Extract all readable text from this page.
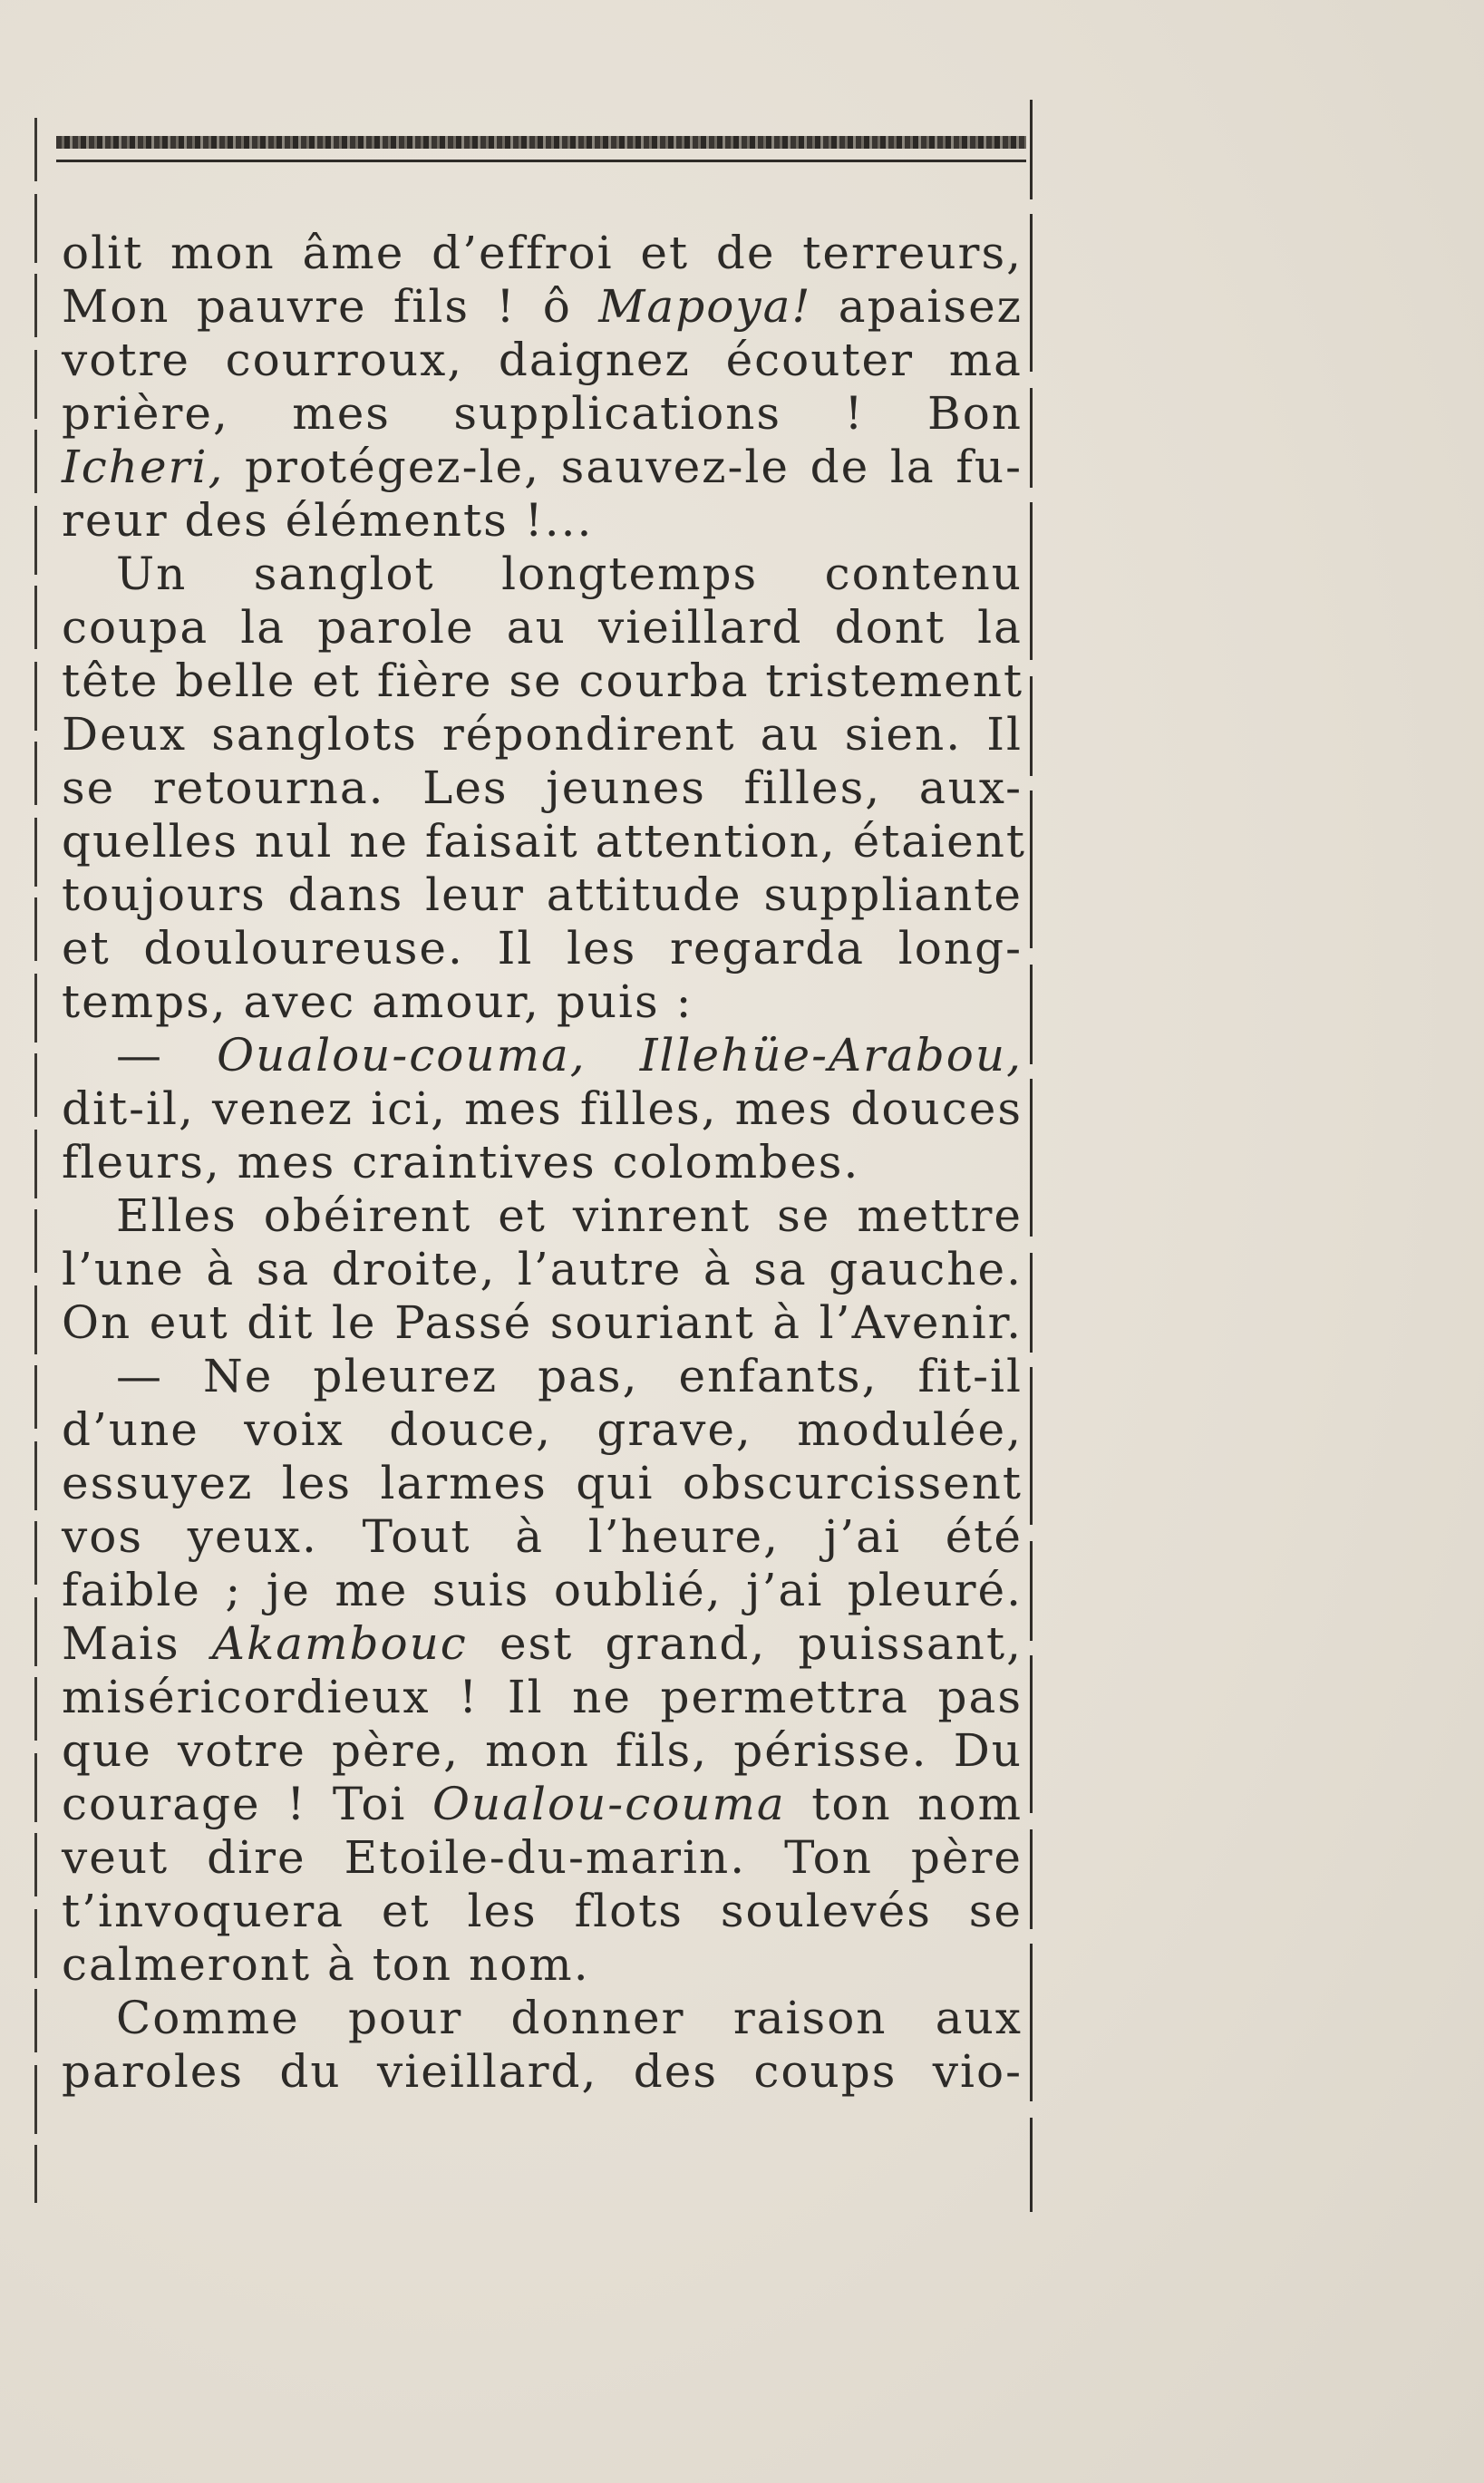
olit mon âme d’effroi et de terreurs,
Mon pauvre fils ! ô Mapoya! apaisez
votre courroux, daignez écouter ma
prière, mes supplications ! Bon
Icheri, protégez-le, sauvez-le de la fu-
reur des éléments !...
Un sanglot longtemps contenu
coupa la parole au vieillard dont la
tête belle et fière se courba tristement
Deux sanglots répondirent au sien. Il
se retourna. Les jeunes filles, aux-
quelles nul ne faisait attention, étaient
toujours dans leur attitude suppliante
et douloureuse. Il les regarda long-
temps, avec amour, puis :
— Oualou-couma, Illehüe-Arabou,
dit-il, venez ici, mes filles, mes douces
fleurs, mes craintives colombes.
Elles obéirent et vinrent se mettre
l’une à sa droite, l’autre à sa gauche.
On eut dit le Passé souriant à l’Avenir.
— Ne pleurez pas, enfants, fit-il
d’une voix douce, grave, modulée,
essuyez les larmes qui obscurcissent
vos yeux. Tout à l’heure, j’ai été
faible ; je me suis oublié, j’ai pleuré.
Mais Akambouc est grand, puissant,
miséricordieux ! Il ne permettra pas
que votre père, mon fils, périsse. Du
courage ! Toi Oualou-couma ton nom
veut dire Etoile-du-marin. Ton père
t’invoquera et les flots soulevés se
calmeront à ton nom.
Comme pour donner raison aux
paroles du vieillard, des coups vio-
